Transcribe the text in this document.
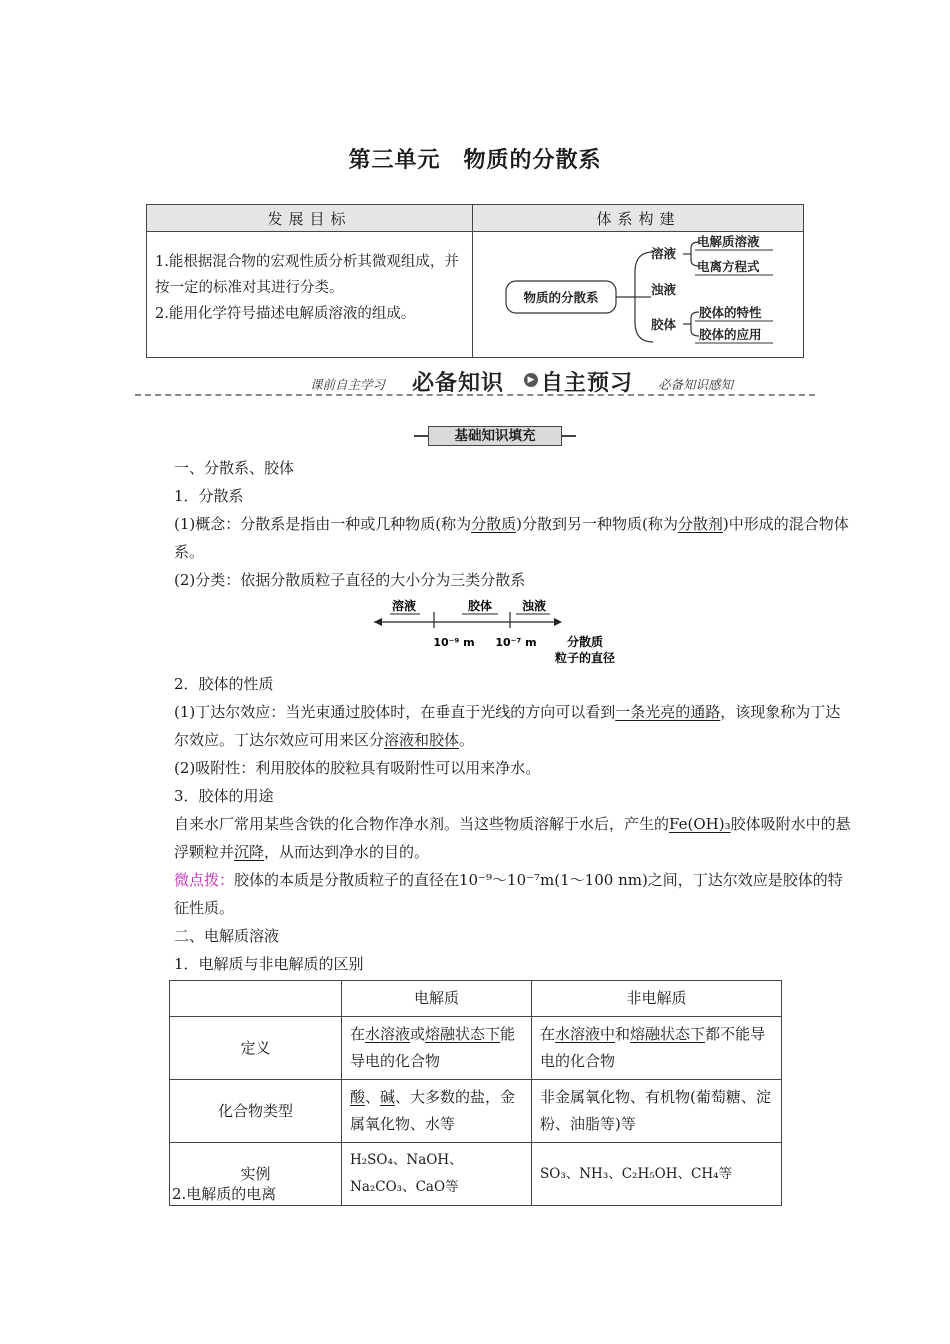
第三单元　物质的分散系
发展目标	体系构建
1.能根据混合物的宏观性质分析其微观组成，并按一定的标准对其进行分类。
2.能用化学符号描述电解质溶液的组成。
物质的分散系
溶液
浊液
胶体
电解质溶液
电离方程式
胶体的特性
胶体的应用
课前自主学习 必备知识	▶ 自主预习 必备知识感知
基础知识填充
一、分散系、胶体
1．分散系
(1)概念：分散系是指由一种或几种物质(称为分散质)分散到另一种物质(称为分散剂)中形成的混合物体系。
(2)分类：依据分散质粒子直径的大小分为三类分散系
溶液	胶体 浊液
10⁻⁹ m 10⁻⁷ m	分散质
粒子的直径
2．胶体的性质
(1)丁达尔效应：当光束通过胶体时，在垂直于光线的方向可以看到一条光亮的通路，该现象称为丁达尔效应。丁达尔效应可用来区分溶液和胶体。
(2)吸附性：利用胶体的胶粒具有吸附性可以用来净水。
3．胶体的用途
自来水厂常用某些含铁的化合物作净水剂。当这些物质溶解于水后，产生的Fe(OH)₃胶体吸附水中的悬浮颗粒并沉降，从而达到净水的目的。
微点拨：胶体的本质是分散质粒子的直径在10⁻⁹～10⁻⁷m(1～100 nm)之间，丁达尔效应是胶体的特征性质。
二、电解质溶液
1．电解质与非电解质的区别
	电解质	非电解质
定义	在水溶液或熔融状态下能导电的化合物	在水溶液中和熔融状态下都不能导电的化合物
化合物类型	酸、碱、大多数的盐，金属氧化物、水等	非金属氧化物、有机物(葡萄糖、淀粉、油脂等)等
实例	H₂SO₄、NaOH、Na₂CO₃、CaO等	SO₃、NH₃、C₂H₅OH、CH₄等
2.电解质的电离
